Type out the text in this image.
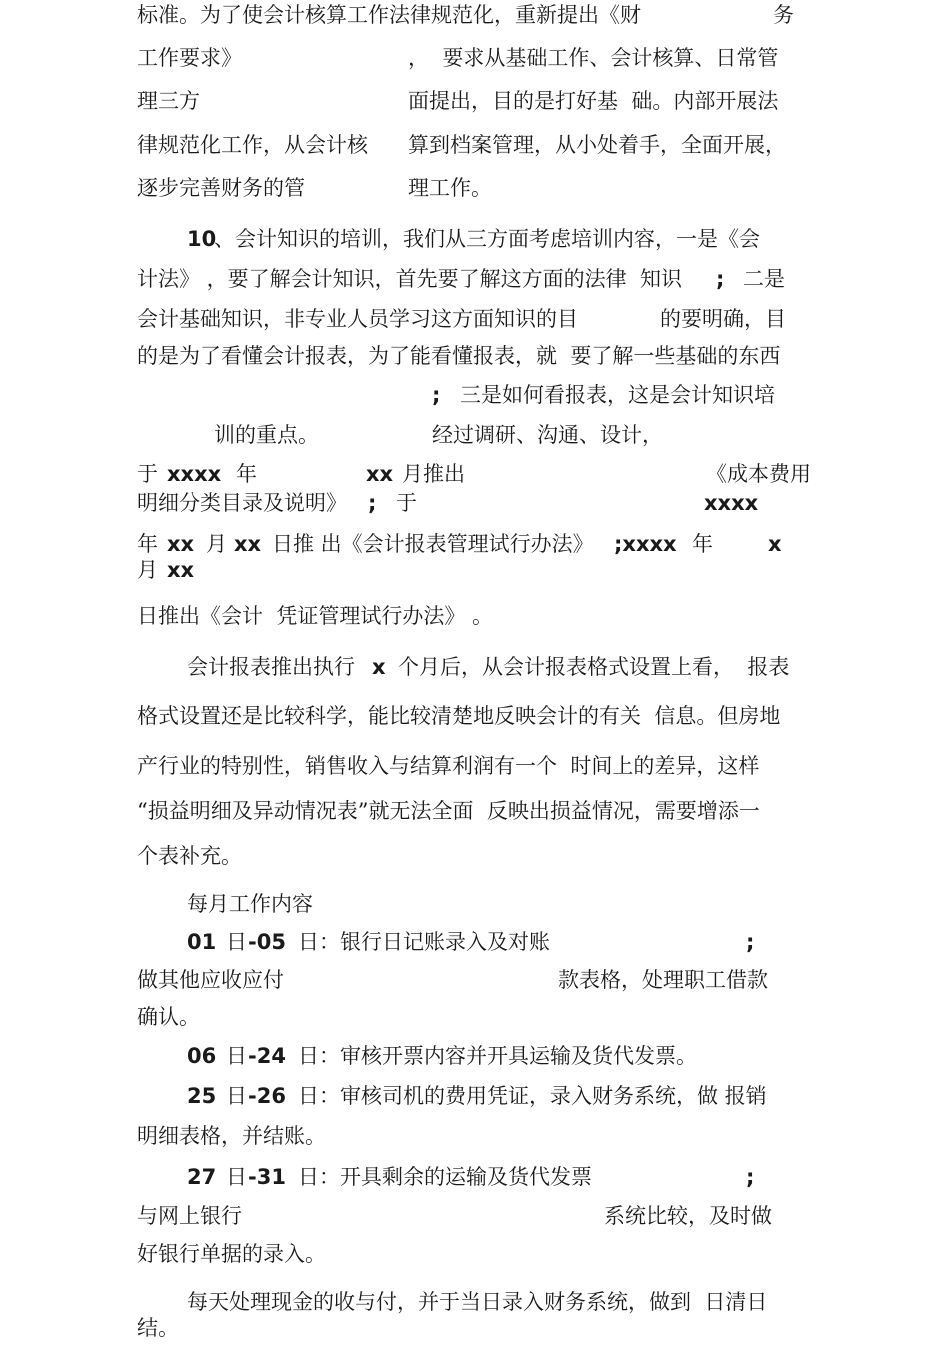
标准。为了使会计核算工作法律规范化，重新提出《财	务
工作要求》	，  要求从基础工作、会计核算、日常管
理三方	面提出，目的是打好基  础。内部开展法
律规范化工作，从会计核 算到档案管理，从小处着手，全面开展，
逐步完善财务的管	理工作。
10
、会计知识的培训，我们从三方面考虑培训内容，一是《会
计法》 ，要了解会计知识，首先要了解这方面的法律  知识 ; 二是
会计基础知识，非专业人员学习这方面知识的目	的要明确，目
的是为了看懂会计报表，为了能看懂报表，就  要了解一些基础的东西
; 三是如何看报表，这是会计知识培
训的重点。	经过调研、沟通、设计，
于 xxxx 年	xx 月推出	《成本费用
明细分类目录及说明》 ; 于	xxxx
年 xx 月 xx 日推 出《会计报表管理试行办法》 ;xxxx 年	x
月 xx
日推出《会计  凭证管理试行办法》 。
会计报表推出执行 x 个月后，从会计报表格式设置上看，  报表
格式设置还是比较科学，能比较清楚地反映会计的有关  信息。但房地
产行业的特别性，销售收入与结算利润有一个  时间上的差异，这样
“损益明细及异动情况表”就无法全面  反映出损益情况，需要增添一
个表补充。
每月工作内容
01 日 -05 日：银行日记账录入及对账	;
做其他应收应付	款表格，处理职工借款
确认。
06 日 -24 日：审核开票内容并开具运输及货代发票。
25 日 -26 日：审核司机的费用凭证，录入财务系统，做 报销
明细表格，并结账。
27 日 -31 日：开具剩余的运输及货代发票	;
与网上银行	系统比较，及时做
好银行单据的录入。
每天处理现金的收与付，并于当日录入财务系统，做到  日清日
结。
